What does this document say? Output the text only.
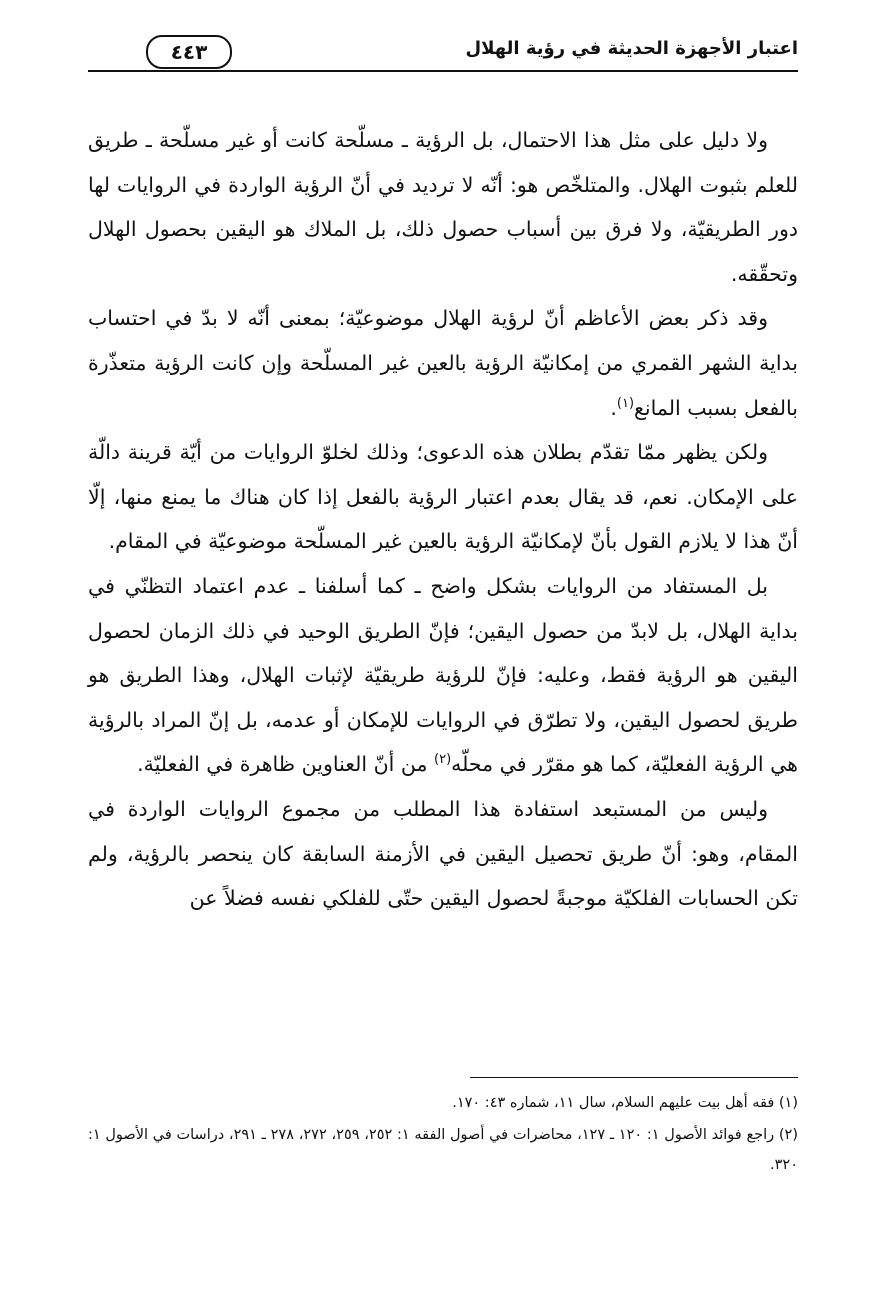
اعتبار الأجهزة الحديثة في رؤية الهلال
٤٤٣

ولا دليل على مثل هذا الاحتمال، بل الرؤية ـ مسلّحة كانت أو غير مسلّحة ـ طريق للعلم بثبوت الهلال. والمتلخّص هو: أنّه لا ترديد في أنّ الرؤية الواردة في الروايات لها دور الطريقيّة، ولا فرق بين أسباب حصول ذلك، بل الملاك هو اليقين بحصول الهلال وتحقّقه.

وقد ذكر بعض الأعاظم أنّ لرؤية الهلال موضوعيّة؛ بمعنى أنّه لا بدّ في احتساب بداية الشهر القمري من إمكانيّة الرؤية بالعين غير المسلّحة وإن كانت الرؤية متعذّرة بالفعل بسبب المانع$^{(١)}$.

ولكن يظهر ممّا تقدّم بطلان هذه الدعوى؛ وذلك لخلوّ الروايات من أيّة قرينة دالّة على الإمكان. نعم، قد يقال بعدم اعتبار الرؤية بالفعل إذا كان هناك ما يمنع منها، إلّا أنّ هذا لا يلازم القول بأنّ لإمكانيّة الرؤية بالعين غير المسلّحة موضوعيّة في المقام.

بل المستفاد من الروايات بشكل واضح ـ كما أسلفنا ـ عدم اعتماد التظنّي في بداية الهلال، بل لابدّ من حصول اليقين؛ فإنّ الطريق الوحيد في ذلك الزمان لحصول اليقين هو الرؤية فقط، وعليه: فإنّ للرؤية طريقيّة لإثبات الهلال، وهذا الطريق هو طريق لحصول اليقين، ولا تطرّق في الروايات للإمكان أو عدمه، بل إنّ المراد بالرؤية هي الرؤية الفعليّة، كما هو مقرّر في محلّه$^{(٢)}$ من أنّ العناوين ظاهرة في الفعليّة.

وليس من المستبعد استفادة هذا المطلب من مجموع الروايات الواردة في المقام، وهو: أنّ طريق تحصيل اليقين في الأزمنة السابقة كان ينحصر بالرؤية، ولم تكن الحسابات الفلكيّة موجبةً لحصول اليقين حتّى للفلكي نفسه فضلاً عن

(١) فقه أهل بيت عليهم السلام، سال ١١، شماره ٤٣: ١٧٠.

(٢) راجع فوائد الأصول ١: ١٢٠ ـ ١٢٧، محاضرات في أصول الفقه ١: ٢٥٢، ٢٥٩، ٢٧٢، ٢٧٨ ـ ٢٩١، دراسات في الأصول ١: ٣٢٠.
